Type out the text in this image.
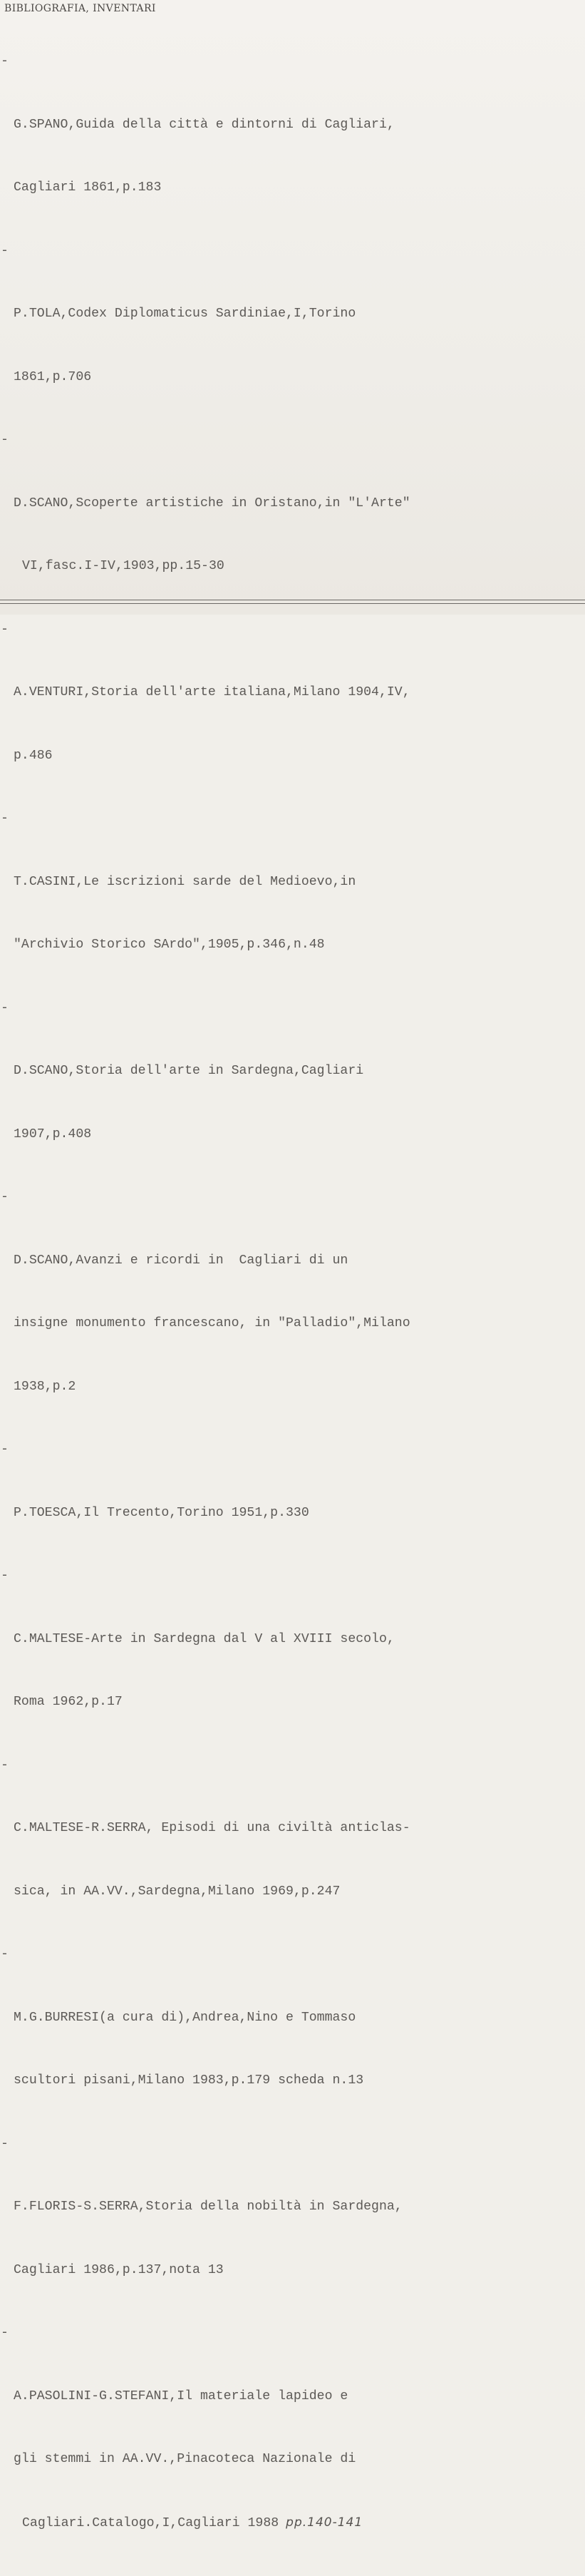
BIBLIOGRAFIA, INVENTARI

-

G.SPANO,Guida della città e dintorni di Cagliari,

Cagliari 1861,p.183

-

P.TOLA,Codex Diplomaticus Sardiniae,I,Torino

1861,p.706

-

D.SCANO,Scoperte artistiche in Oristano,in "L'Arte"

VI,fasc.I-IV,1903,pp.15-30

-

A.VENTURI,Storia dell'arte italiana,Milano 1904,IV,

p.486

-

T.CASINI,Le iscrizioni sarde del Medioevo,in

"Archivio Storico SArdo",1905,p.346,n.48

-

D.SCANO,Storia dell'arte in Sardegna,Cagliari

1907,p.408

-

D.SCANO,Avanzi e ricordi in  Cagliari di un

insigne monumento francescano, in "Palladio",Milano

1938,p.2

-

P.TOESCA,Il Trecento,Torino 1951,p.330

-

C.MALTESE-Arte in Sardegna dal V al XVIII secolo,

Roma 1962,p.17

-

C.MALTESE-R.SERRA, Episodi di una civiltà anticlas-

sica, in AA.VV.,Sardegna,Milano 1969,p.247

-

M.G.BURRESI(a cura di),Andrea,Nino e Tommaso

scultori pisani,Milano 1983,p.179 scheda n.13

-

F.FLORIS-S.SERRA,Storia della nobiltà in Sardegna,

Cagliari 1986,p.137,nota 13

-

A.PASOLINI-G.STEFANI,Il materiale lapideo e

gli stemmi in AA.VV.,Pinacoteca Nazionale di

Cagliari.Catalogo,I,Cagliari 1988 pp.140-141
